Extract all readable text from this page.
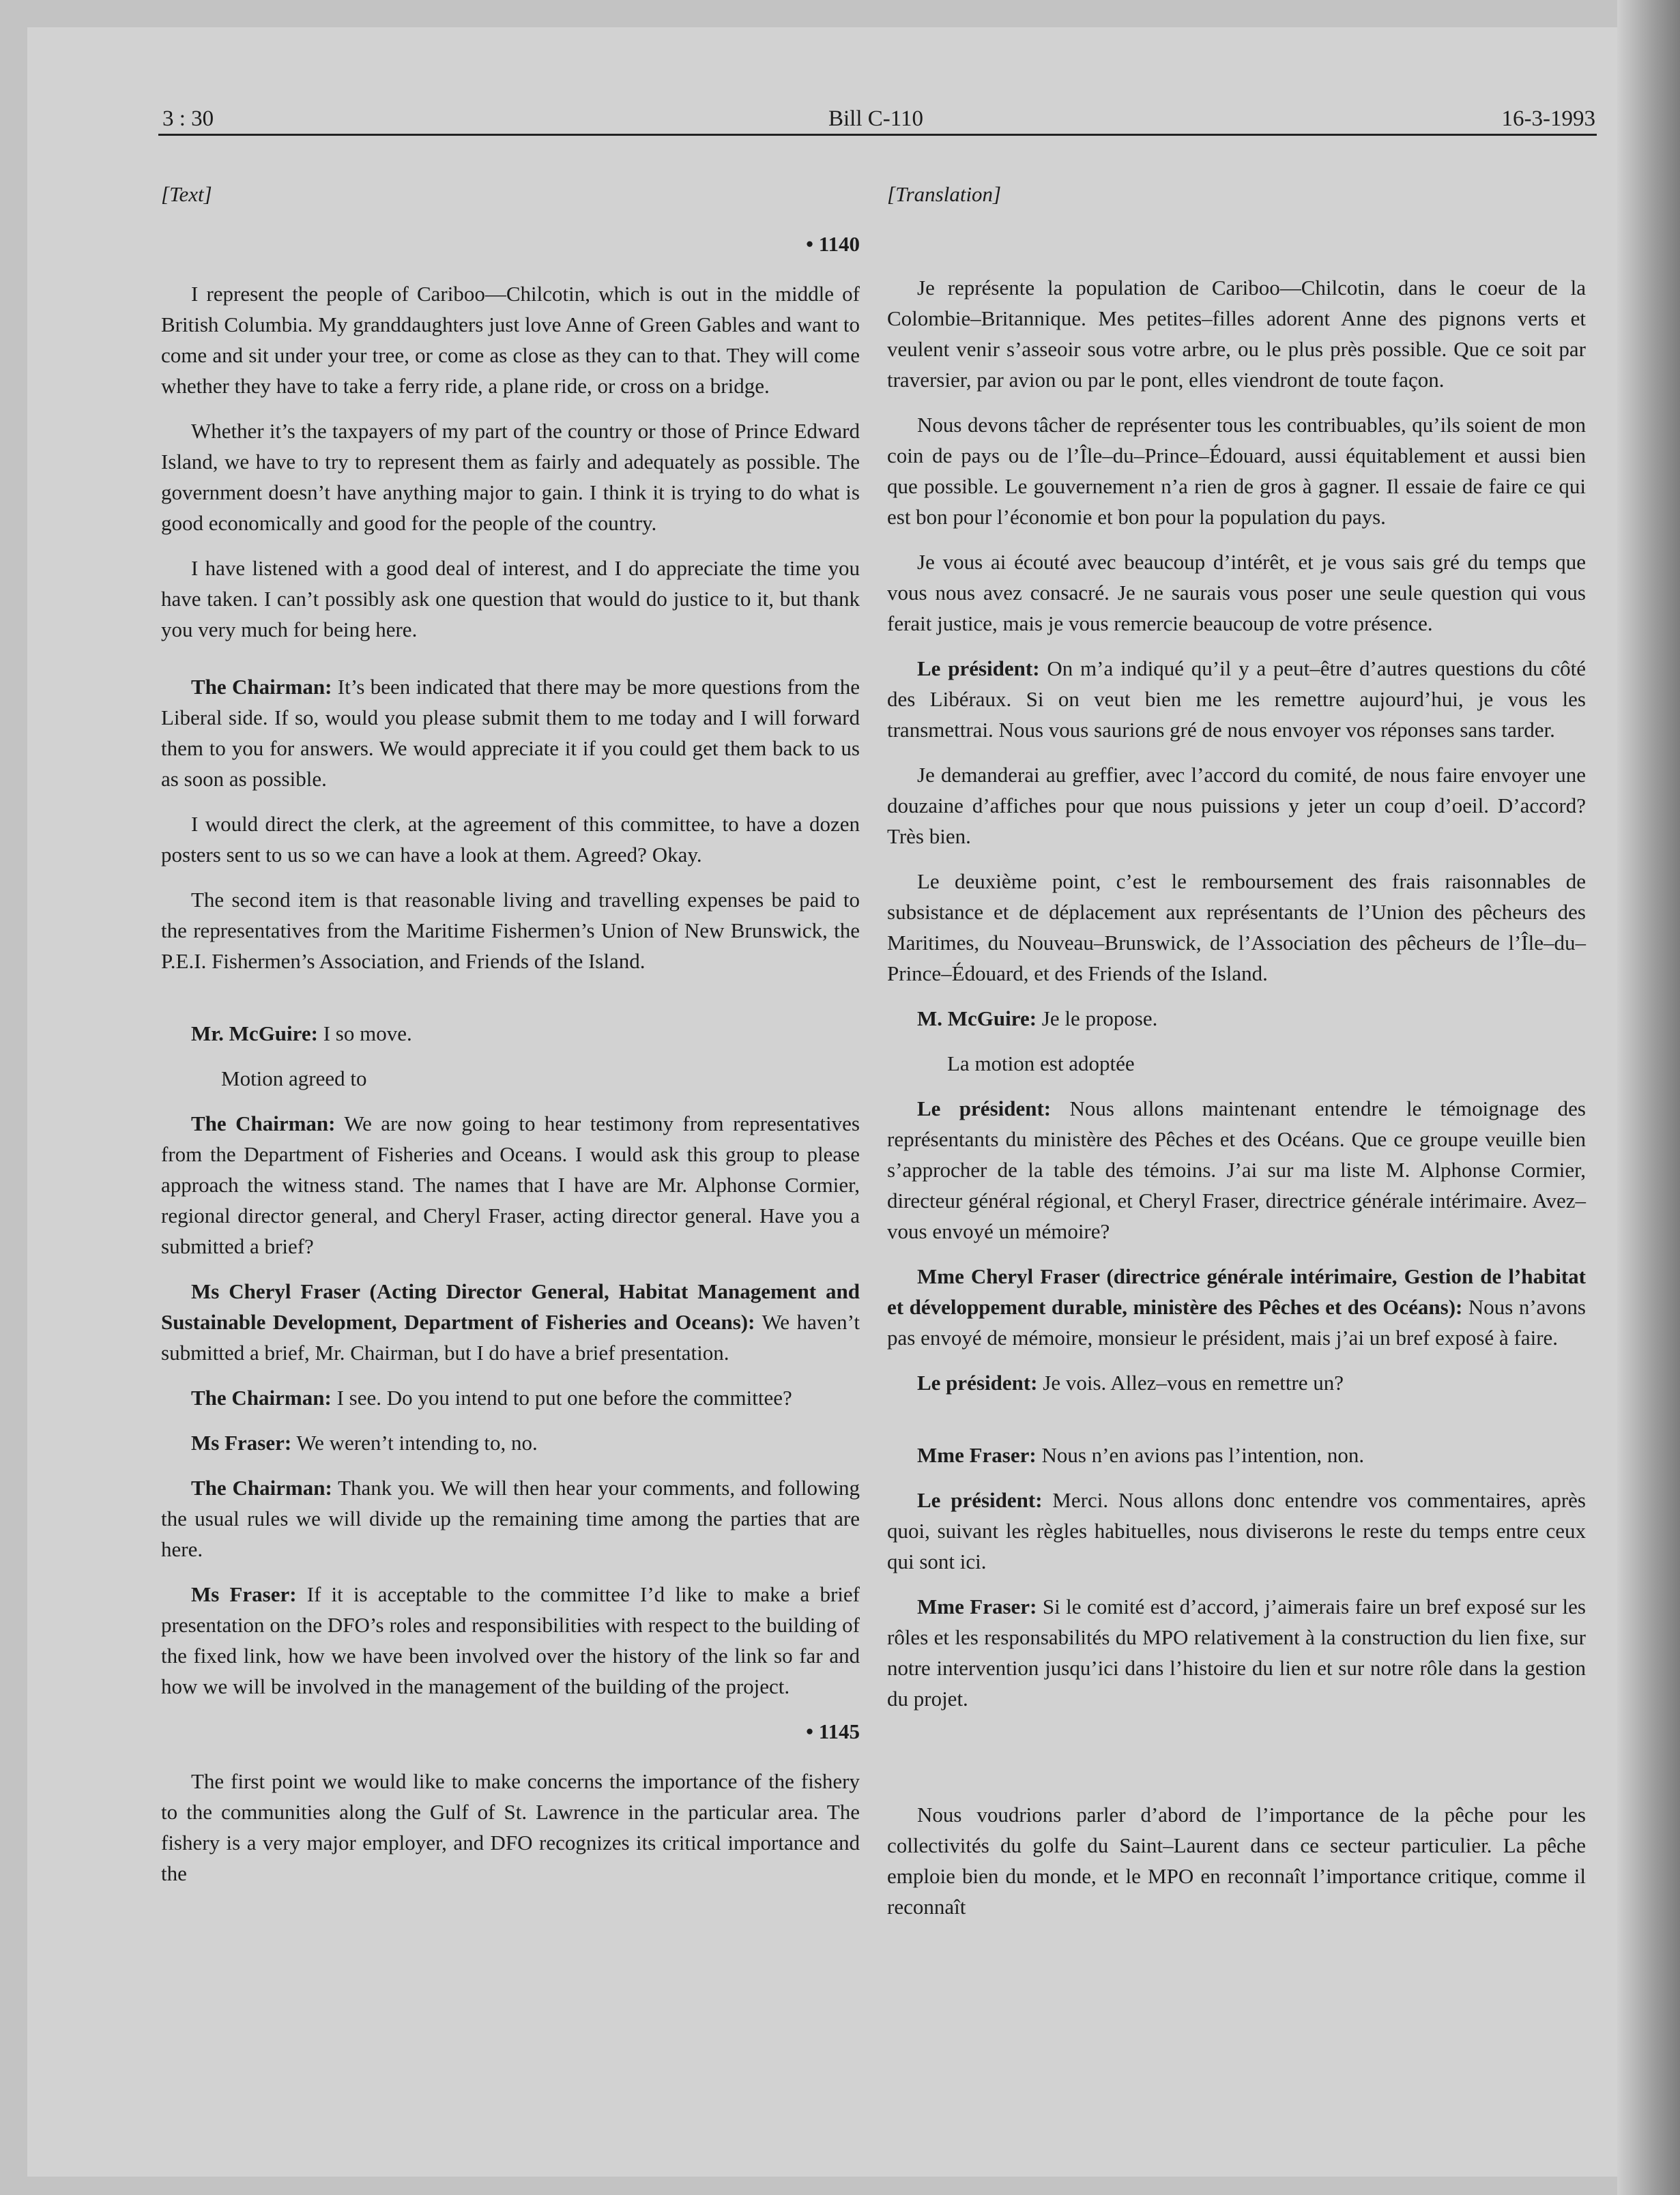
3 : 30	Bill C-110	16-3-1993
[Text]
• 1140

I represent the people of Cariboo—Chilcotin, which is out in the middle of British Columbia. My granddaughters just love Anne of Green Gables and want to come and sit under your tree, or come as close as they can to that. They will come whether they have to take a ferry ride, a plane ride, or cross on a bridge.

Whether it’s the taxpayers of my part of the country or those of Prince Edward Island, we have to try to represent them as fairly and adequately as possible. The government doesn’t have anything major to gain. I think it is trying to do what is good economically and good for the people of the country.

I have listened with a good deal of interest, and I do appreciate the time you have taken. I can’t possibly ask one question that would do justice to it, but thank you very much for being here.

The Chairman: It’s been indicated that there may be more questions from the Liberal side. If so, would you please submit them to me today and I will forward them to you for answers. We would appreciate it if you could get them back to us as soon as possible.

I would direct the clerk, at the agreement of this committee, to have a dozen posters sent to us so we can have a look at them. Agreed? Okay.

The second item is that reasonable living and travelling expenses be paid to the representatives from the Maritime Fishermen’s Union of New Brunswick, the P.E.I. Fishermen’s Association, and Friends of the Island.

Mr. McGuire: I so move.

Motion agreed to

The Chairman: We are now going to hear testimony from representatives from the Department of Fisheries and Oceans. I would ask this group to please approach the witness stand. The names that I have are Mr. Alphonse Cormier, regional director general, and Cheryl Fraser, acting director general. Have you a submitted a brief?

Ms Cheryl Fraser (Acting Director General, Habitat Management and Sustainable Development, Department of Fisheries and Oceans): We haven’t submitted a brief, Mr. Chairman, but I do have a brief presentation.

The Chairman: I see. Do you intend to put one before the committee?

Ms Fraser: We weren’t intending to, no.

The Chairman: Thank you. We will then hear your comments, and following the usual rules we will divide up the remaining time among the parties that are here.

Ms Fraser: If it is acceptable to the committee I’d like to make a brief presentation on the DFO’s roles and responsibilities with respect to the building of the fixed link, how we have been involved over the history of the link so far and how we will be involved in the management of the building of the project.

• 1145

The first point we would like to make concerns the importance of the fishery to the communities along the Gulf of St. Lawrence in the particular area. The fishery is a very major employer, and DFO recognizes its critical importance and the

[Translation]

Je représente la population de Cariboo—Chilcotin, dans le coeur de la Colombie–Britannique. Mes petites–filles adorent Anne des pignons verts et veulent venir s’asseoir sous votre arbre, ou le plus près possible. Que ce soit par traversier, par avion ou par le pont, elles viendront de toute façon.

Nous devons tâcher de représenter tous les contribuables, qu’ils soient de mon coin de pays ou de l’Île–du–Prince–Édouard, aussi équitablement et aussi bien que possible. Le gouvernement n’a rien de gros à gagner. Il essaie de faire ce qui est bon pour l’économie et bon pour la population du pays.

Je vous ai écouté avec beaucoup d’intérêt, et je vous sais gré du temps que vous nous avez consacré. Je ne saurais vous poser une seule question qui vous ferait justice, mais je vous remercie beaucoup de votre présence.

Le président: On m’a indiqué qu’il y a peut–être d’autres questions du côté des Libéraux. Si on veut bien me les remettre aujourd’hui, je vous les transmettrai. Nous vous saurions gré de nous envoyer vos réponses sans tarder.

Je demanderai au greffier, avec l’accord du comité, de nous faire envoyer une douzaine d’affiches pour que nous puissions y jeter un coup d’oeil. D’accord? Très bien.

Le deuxième point, c’est le remboursement des frais raisonnables de subsistance et de déplacement aux représentants de l’Union des pêcheurs des Maritimes, du Nouveau–Brunswick, de l’Association des pêcheurs de l’Île–du–Prince–Édouard, et des Friends of the Island.

M. McGuire: Je le propose.

La motion est adoptée

Le président: Nous allons maintenant entendre le témoignage des représentants du ministère des Pêches et des Océans. Que ce groupe veuille bien s’approcher de la table des témoins. J’ai sur ma liste M. Alphonse Cormier, directeur général régional, et Cheryl Fraser, directrice générale intérimaire. Avez–vous envoyé un mémoire?

Mme Cheryl Fraser (directrice générale intérimaire, Gestion de l’habitat et développement durable, ministère des Pêches et des Océans): Nous n’avons pas envoyé de mémoire, monsieur le président, mais j’ai un bref exposé à faire.

Le président: Je vois. Allez–vous en remettre un?

Mme Fraser: Nous n’en avions pas l’intention, non.

Le président: Merci. Nous allons donc entendre vos commentaires, après quoi, suivant les règles habituelles, nous diviserons le reste du temps entre ceux qui sont ici.

Mme Fraser: Si le comité est d’accord, j’aimerais faire un bref exposé sur les rôles et les responsabilités du MPO relativement à la construction du lien fixe, sur notre intervention jusqu’ici dans l’histoire du lien et sur notre rôle dans la gestion du projet.

Nous voudrions parler d’abord de l’importance de la pêche pour les collectivités du golfe du Saint–Laurent dans ce secteur particulier. La pêche emploie bien du monde, et le MPO en reconnaît l’importance critique, comme il reconnaît
